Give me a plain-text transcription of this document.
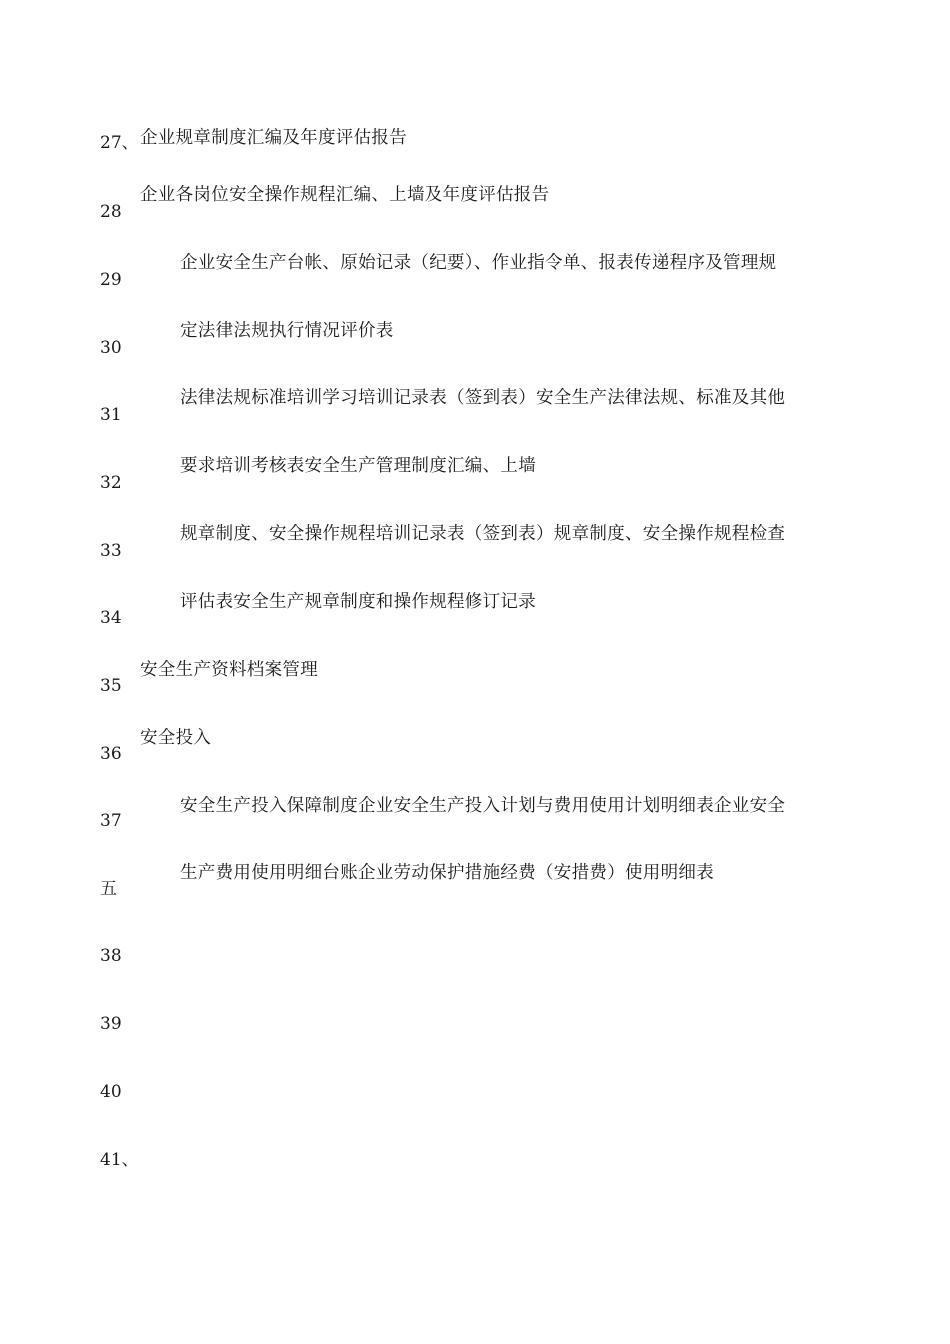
27、 企业规章制度汇编及年度评估报告
28
企业各岗位安全操作规程汇编、上墙及年度评估报告
29
企业安全生产台帐、原始记录（纪要）、作业指令单、报表传递程序及管理规
30
定法律法规执行情况评价表
31
法律法规标准培训学习培训记录表（签到表）安全生产法律法规、标准及其他
32
要求培训考核表安全生产管理制度汇编、上墙
33
规章制度、安全操作规程培训记录表（签到表）规章制度、安全操作规程检查
34
评估表安全生产规章制度和操作规程修订记录
35
安全生产资料档案管理
36
安全投入
37
安全生产投入保障制度企业安全生产投入计划与费用使用计划明细表企业安全
五
生产费用使用明细台账企业劳动保护措施经费（安措费）使用明细表
38
39
40
41、
